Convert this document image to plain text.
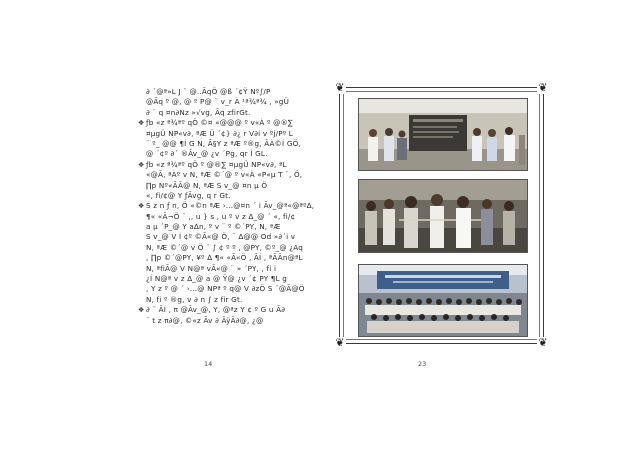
∂ ´@ª»L J ¨ @..ÃqÖ @ß ´¢Ÿ Nº∫/P
@Ãq º @, @ º P@ ¨ v_r À ¹ª¾ª¾ , »gÜ
∂ ¨ q ¤n∂Nz »√vg, Ãq zfirGt.

❖ ƒb «z ª¾ªº qÖ ©¤ «@@@ º v«À º @®∑
¤µgÜ NP«v∂, ªÆ Ü ´¢} ∂¿ r V∂i v ºj/Pº L
¨ º_ @@ ¶Í G N, Ã§Y z ªÆ º®g, ÃÀ©Í GÖ,
@ ´¢º ∂´ ®Ãv_@ ¿v ´Pg, qr Í GL.

❖ ƒb «z ª¾ªº qÖ º @®∑ ¤µgÜ NP«v∂, ªL
«@Ã, ªÀº v N, ªÆ ©´@ º v«À «P«µ T ¨, Ö,
∏p Nº«ÃÃ@ N, ªÆ S v_@ ¤n µ Ö
«, fi/¢@ Y ƒÃvg, q r Gt.

❖ S z n ƒ n, Ö «©n ªÆ ›...@¤n ´ i Ãv_@ª«@ªº∆,
¶« «Ã¬Ö ¨ ,, u } s , u º v z ∆_@ ´ «, fi/¢
a µ ´P_@ Y a∆n, º v ¨ º ©´PY, N, ªÆ
S v_@ V Í ¢º ©Ã«@ Ö, ¨ ∆@@ Od »∂´i v
N, ªÆ ©´@ v Ö ¨ ∫ ¢ º º , @PY, ©º_@ ¿Aq
, ∏p ©´@PY, ¥º ∆ ¶« «Ã«Ö , ÃÍ , ªÃÃn@ªL
N, ªfiÃ@ V N@ª vÃ«@ ¨ » ´PY, , fi i
¿Í N@ª v z ∆_@ a @ Ÿ@ ¿v ´¢ PY ¶L g
, Y z º @ ´ ›...@ NPª º q@ V ∂zÖ S ¨@Ã@Ö
N, fi º ®g, v ∂ n ∫ z fir Gt.

❖ ∂ ¨ ÃÍ , π @Ãv_@, Y, @ªz Y ¢ º G u Ã∂
¨ t z π∂@, ©«z Ãv ∂ ÃÿÃ∂@, ¿@

14
❦	❦
❦	❦
23
